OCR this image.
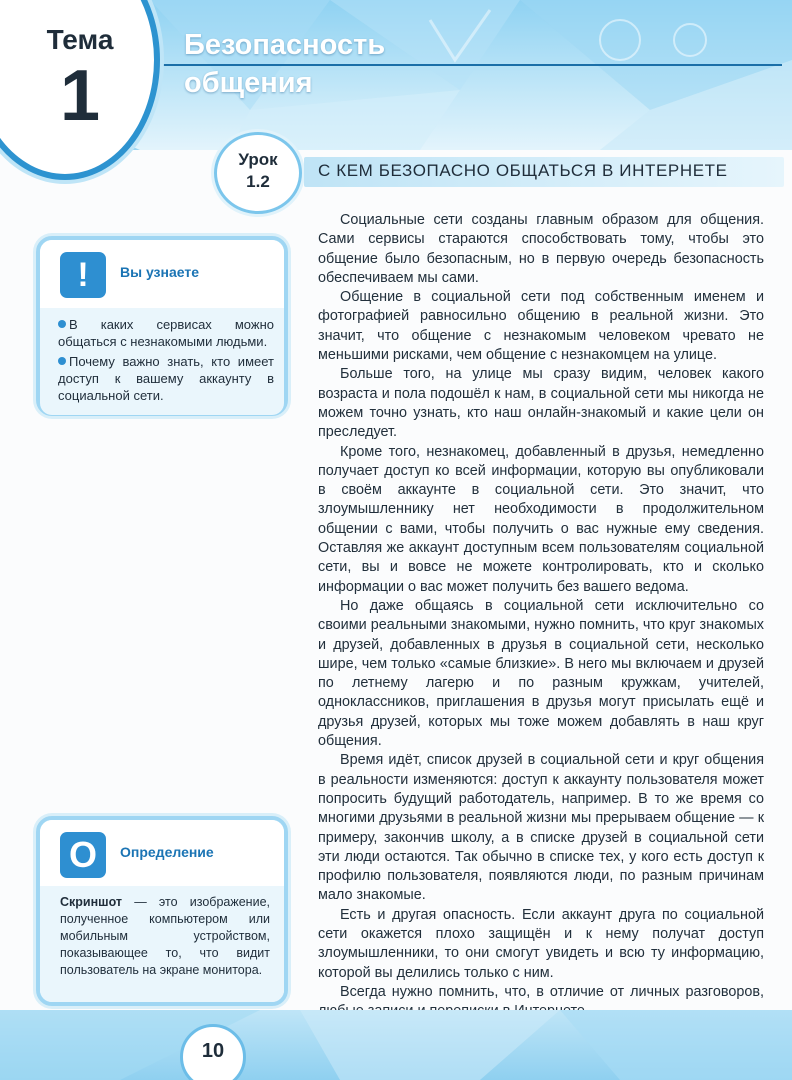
Тема
1
Безопасность
общения
Урок
1.2
С КЕМ БЕЗОПАСНО ОБЩАТЬСЯ В ИНТЕРНЕТЕ
!	Вы узнаете
В каких сервисах можно общаться с незнакомыми людьми.
Почему важно знать, кто имеет доступ к вашему аккаунту в социальной сети.
О	Определение
Скриншот — это изображение, полученное компьютером или мобильным устройством, показывающее то, что видит пользователь на экране монитора.

Социальные сети созданы главным образом для общения. Сами сервисы стараются способствовать тому, чтобы это общение было безопасным, но в первую очередь безопасность обеспечиваем мы сами.

Общение в социальной сети под собственным именем и фотографией равносильно общению в реальной жизни. Это значит, что общение с незнакомым человеком чревато не меньшими рисками, чем общение с незнакомцем на улице.

Больше того, на улице мы сразу видим, человек какого возраста и пола подошёл к нам, в социальной сети мы никогда не можем точно узнать, кто наш онлайн-знакомый и какие цели он преследует.

Кроме того, незнакомец, добавленный в друзья, немедленно получает доступ ко всей информации, которую вы опубликовали в своём аккаунте в социальной сети. Это значит, что злоумышленнику нет необходимости в продолжительном общении с вами, чтобы получить о вас нужные ему сведения. Оставляя же аккаунт доступным всем пользователям социальной сети, вы и вовсе не можете контролировать, кто и сколько информации о вас может получить без вашего ведома.

Но даже общаясь в социальной сети исключительно со своими реальными знакомыми, нужно помнить, что круг знакомых и друзей, добавленных в друзья в социальной сети, несколько шире, чем только «самые близкие». В него мы включаем и друзей по летнему лагерю и по разным кружкам, учителей, одноклассников, приглашения в друзья могут присылать ещё и друзья друзей, которых мы тоже можем добавлять в наш круг общения.

Время идёт, список друзей в социальной сети и круг общения в реальности изменяются: доступ к аккаунту пользователя может попросить будущий работодатель, например. В то же время со многими друзьями в реальной жизни мы прерываем общение — к примеру, закончив школу, а в списке друзей в социальной сети эти люди остаются. Так обычно в списке тех, у кого есть доступ к профилю пользователя, появляются люди, по разным причинам мало знакомые.

Есть и другая опасность. Если аккаунт друга по социальной сети окажется плохо защищён и к нему получат доступ злоумышленники, то они смогут увидеть и всю ту информацию, которой вы делились только с ним.

Всегда нужно помнить, что, в отличие от личных разговоров,

10
